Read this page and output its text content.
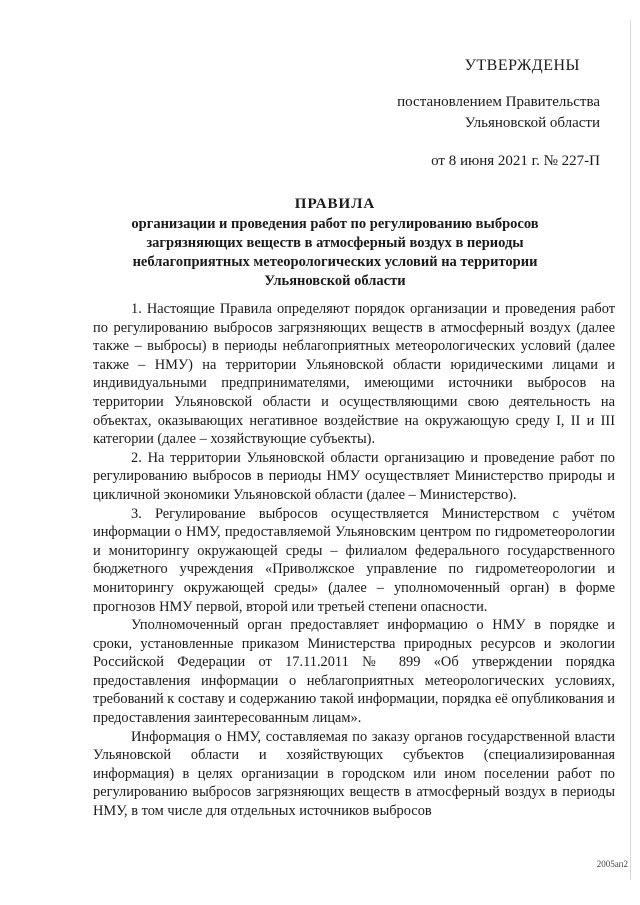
УТВЕРЖДЕНЫ
постановлением Правительства
Ульяновской области
от 8 июня 2021 г. № 227-П
ПРАВИЛА
организации и проведения работ по регулированию выбросов загрязняющих веществ в атмосферный воздух в периоды неблагоприятных метеорологических условий на территории Ульяновской области

1. Настоящие Правила определяют порядок организации и проведения работ по регулированию выбросов загрязняющих веществ в атмосферный воздух (далее также – выбросы) в периоды неблагоприятных метеорологических условий (далее также – НМУ) на территории Ульяновской области юридическими лицами и индивидуальными предпринимателями, имеющими источники выбросов на территории Ульяновской области и осуществляющими свою деятельность на объектах, оказывающих негативное воздействие на окружающую среду I, II и III категории (далее – хозяйствующие субъекты).

2. На территории Ульяновской области организацию и проведение работ по регулированию выбросов в периоды НМУ осуществляет Министерство природы и цикличной экономики Ульяновской области (далее – Министерство).

3. Регулирование выбросов осуществляется Министерством с учётом информации о НМУ, предоставляемой Ульяновским центром по гидрометеорологии и мониторингу окружающей среды – филиалом федерального государственного бюджетного учреждения «Приволжское управление по гидрометеорологии и мониторингу окружающей среды» (далее – уполномоченный орган) в форме прогнозов НМУ первой, второй или третьей степени опасности.

Уполномоченный орган предоставляет информацию о НМУ в порядке и сроки, установленные приказом Министерства природных ресурсов и экологии Российской Федерации от 17.11.2011 № 899 «Об утверждении порядка предоставления информации о неблагоприятных метеорологических условиях, требований к составу и содержанию такой информации, порядка её опубликования и предоставления заинтересованным лицам».

Информация о НМУ, составляемая по заказу органов государственной власти Ульяновской области и хозяйствующих субъектов (специализированная информация) в целях организации в городском или ином поселении работ по регулированию выбросов загрязняющих веществ в атмосферный воздух в периоды НМУ, в том числе для отдельных источников выбросов

2005ап2
